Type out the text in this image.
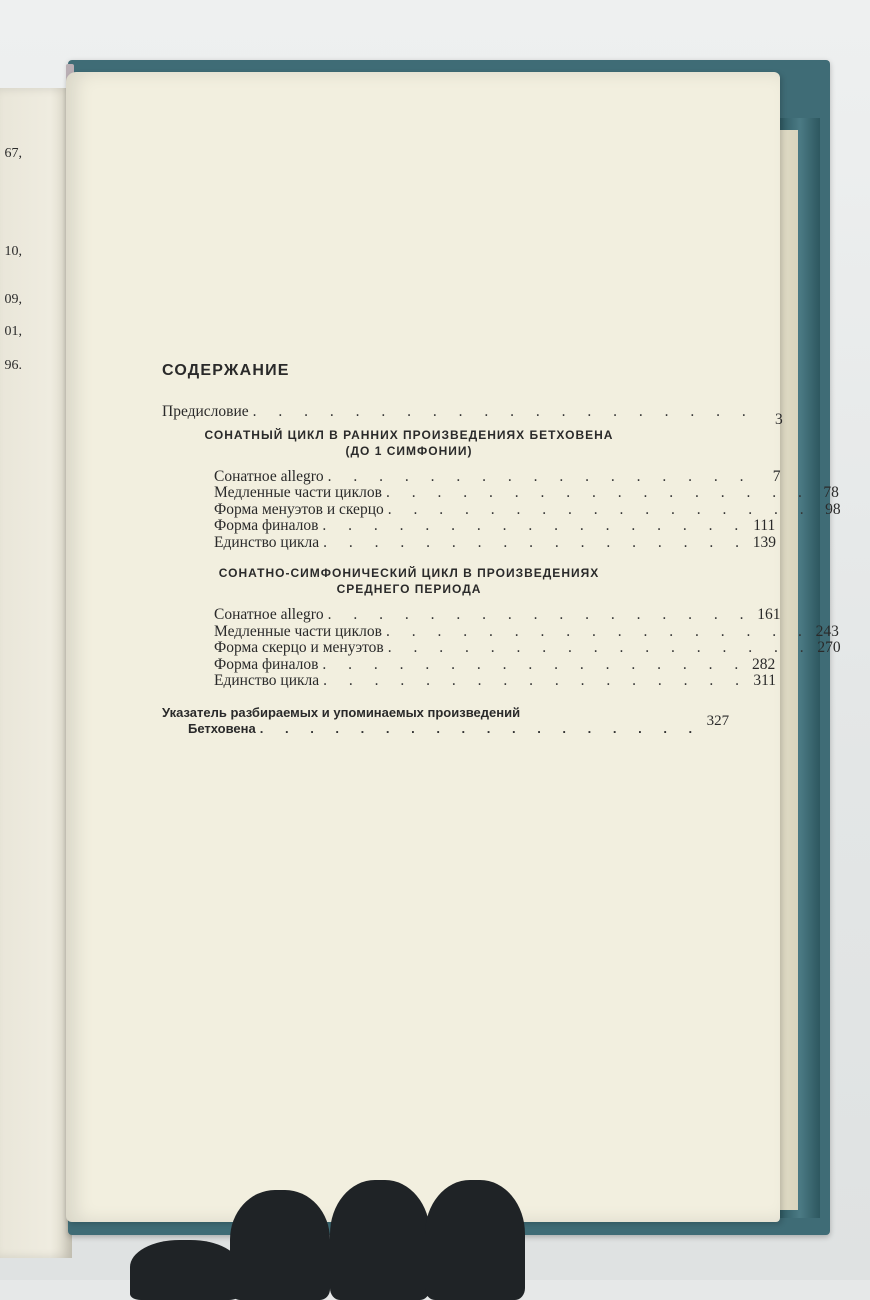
67,
10,
09,
01,
96.	СОДЕРЖАНИЕ
Предисловие . . . . . . . . . . . . . . . . . . . .	3
СОНАТНЫЙ ЦИКЛ В РАННИХ ПРОИЗВЕДЕНИЯХ БЕТХОВЕНА
(ДО 1 СИМФОНИИ)
Сонатное allegro . . . . . . . . . . . . . . . . .	7
Медленные части циклов . . . . . . . . . . . . . . . . . 78
Форма менуэтов и скерцо . . . . . . . . . . . . . . . . . 98
Форма финалов . . . . . . . . . . . . . . . . . 111
Единство цикла . . . . . . . . . . . . . . . . . 139
СОНАТНО-СИМФОНИЧЕСКИЙ ЦИКЛ В ПРОИЗВЕДЕНИЯХ
СРЕДНЕГО ПЕРИОДА
Сонатное allegro . . . . . . . . . . . . . . . . . 161
Медленные части циклов . . . . . . . . . . . . . . . . . 243
Форма скерцо и менуэтов . . . . . . . . . . . . . . . . . 270
Форма финалов . . . . . . . . . . . . . . . . . 282
Единство цикла . . . . . . . . . . . . . . . . . 311
Указатель разбираемых и упоминаемых произведений
Бетховена . . . . . . . . . . . . . . . . . . 327
